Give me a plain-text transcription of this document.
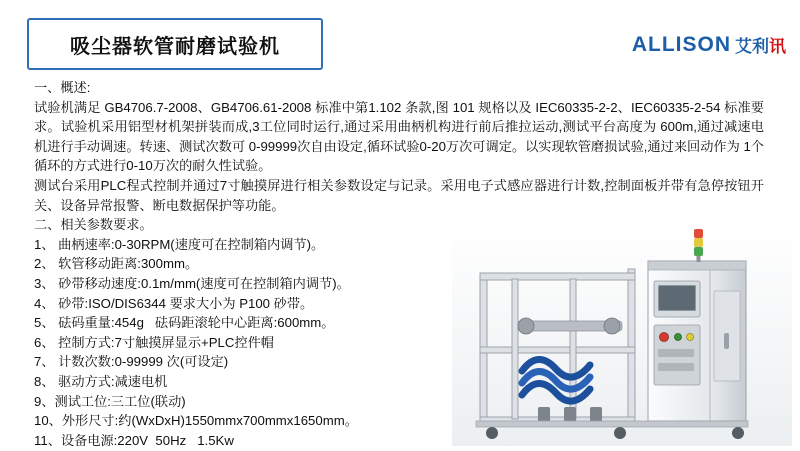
吸尘器软管耐磨试验机	ALLISON 艾利讯
一、概述:
试验机满足 GB4706.7-2008、GB4706.61-2008 标准中第1.102 条款,图 101 规格以及 IEC60335-2-2、IEC60335-2-54 标准要求。试验机采用铝型材机架拼装而成,3工位同时运行,通过采用曲柄机构进行前后推拉运动,测试平台高度为 600m,通过减速电机进行手动调速。转速、测试次数可 0-99999次自由设定,循环试验0-20万次可调定。以实现软管磨损试验,通过来回动作为 1个循环的方式进行0-10万次的耐久性试验。
测试台采用PLC程式控制并通过7寸触摸屏进行相关参数设定与记录。采用电子式感应器进行计数,控制面板并带有急停按钮开关、设备异常报警、断电数据保护等功能。
二、相关参数要求。
1、 曲柄速率:0-30RPM(速度可在控制箱内调节)。
2、 软管移动距离:300mm。
3、 砂带移动速度:0.1m/mm(速度可在控制箱内调节)。
4、 砂带:ISO/DIS6344 要求大小为 P100 砂带。
5、 砝码重量:454g   砝码距滚轮中心距离:600mm。
6、 控制方式:7寸触摸屏显示+PLC控件帽
7、 计数次数:0-99999 次(可设定)
8、 驱动方式:减速电机
9、测试工位:三工位(联动)
10、外形尺寸:约(WxDxH)1550mmx700mmx1650mm。
11、设备电源:220V  50Hz   1.5Kw
